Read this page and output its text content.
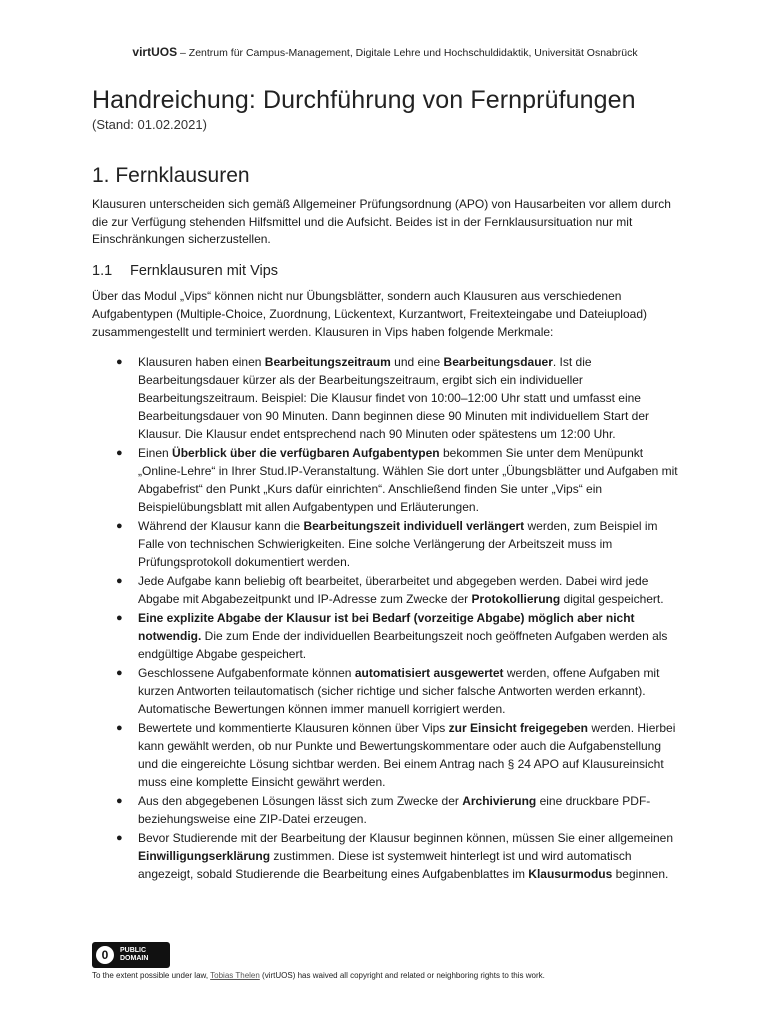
virtUOS – Zentrum für Campus-Management, Digitale Lehre und Hochschuldidaktik, Universität Osnabrück
Handreichung: Durchführung von Fernprüfungen
(Stand: 01.02.2021)
1. Fernklausuren

Klausuren unterscheiden sich gemäß Allgemeiner Prüfungsordnung (APO) von Hausarbeiten vor allem durch die zur Verfügung stehenden Hilfsmittel und die Aufsicht. Beides ist in der Fernklausursituation nur mit Einschränkungen sicherzustellen.

1.1 Fernklausuren mit Vips

Über das Modul „Vips“ können nicht nur Übungsblätter, sondern auch Klausuren aus verschiedenen Aufgabentypen (Multiple-Choice, Zuordnung, Lückentext, Kurzantwort, Freitexteingabe und Dateiupload) zusammengestellt und terminiert werden. Klausuren in Vips haben folgende Merkmale:

● Klausuren haben einen Bearbeitungszeitraum und eine Bearbeitungsdauer. Ist die Bearbeitungsdauer kürzer als der Bearbeitungszeitraum, ergibt sich ein individueller Bearbeitungszeitraum. Beispiel: Die Klausur findet von 10:00–12:00 Uhr statt und umfasst eine Bearbeitungsdauer von 90 Minuten. Dann beginnen diese 90 Minuten mit individuellem Start der Klausur. Die Klausur endet entsprechend nach 90 Minuten oder spätestens um 12:00 Uhr.
● Einen Überblick über die verfügbaren Aufgabentypen bekommen Sie unter dem Menüpunkt „Online-Lehre“ in Ihrer Stud.IP-Veranstaltung. Wählen Sie dort unter „Übungsblätter und Aufgaben mit Abgabefrist“ den Punkt „Kurs dafür einrichten“. Anschließend finden Sie unter „Vips“ ein Beispielübungsblatt mit allen Aufgabentypen und Erläuterungen.
● Während der Klausur kann die Bearbeitungszeit individuell verlängert werden, zum Beispiel im Falle von technischen Schwierigkeiten. Eine solche Verlängerung der Arbeitszeit muss im Prüfungsprotokoll dokumentiert werden.
● Jede Aufgabe kann beliebig oft bearbeitet, überarbeitet und abgegeben werden. Dabei wird jede Abgabe mit Abgabezeitpunkt und IP-Adresse zum Zwecke der Protokollierung digital gespeichert.
● Eine explizite Abgabe der Klausur ist bei Bedarf (vorzeitige Abgabe) möglich aber nicht notwendig. Die zum Ende der individuellen Bearbeitungszeit noch geöffneten Aufgaben werden als endgültige Abgabe gespeichert.
● Geschlossene Aufgabenformate können automatisiert ausgewertet werden, offene Aufgaben mit kurzen Antworten teilautomatisch (sicher richtige und sicher falsche Antworten werden erkannt). Automatische Bewertungen können immer manuell korrigiert werden.
● Bewertete und kommentierte Klausuren können über Vips zur Einsicht freigegeben werden. Hierbei kann gewählt werden, ob nur Punkte und Bewertungskommentare oder auch die Aufgabenstellung und die eingereichte Lösung sichtbar werden. Bei einem Antrag nach § 24 APO auf Klausureinsicht muss eine komplette Einsicht gewährt werden.
● Aus den abgegebenen Lösungen lässt sich zum Zwecke der Archivierung eine druckbare PDF- beziehungsweise eine ZIP-Datei erzeugen.
● Bevor Studierende mit der Bearbeitung der Klausur beginnen können, müssen Sie einer allgemeinen Einwilligungserklärung zustimmen. Diese ist systemweit hinterlegt ist und wird automatisch angezeigt, sobald Studierende die Bearbeitung eines Aufgabenblattes im Klausurmodus beginnen.
0	PUBLIC
DOMAIN
To the extent possible under law, Tobias Thelen (virtUOS) has waived all copyright and related or neighboring rights to this work.
